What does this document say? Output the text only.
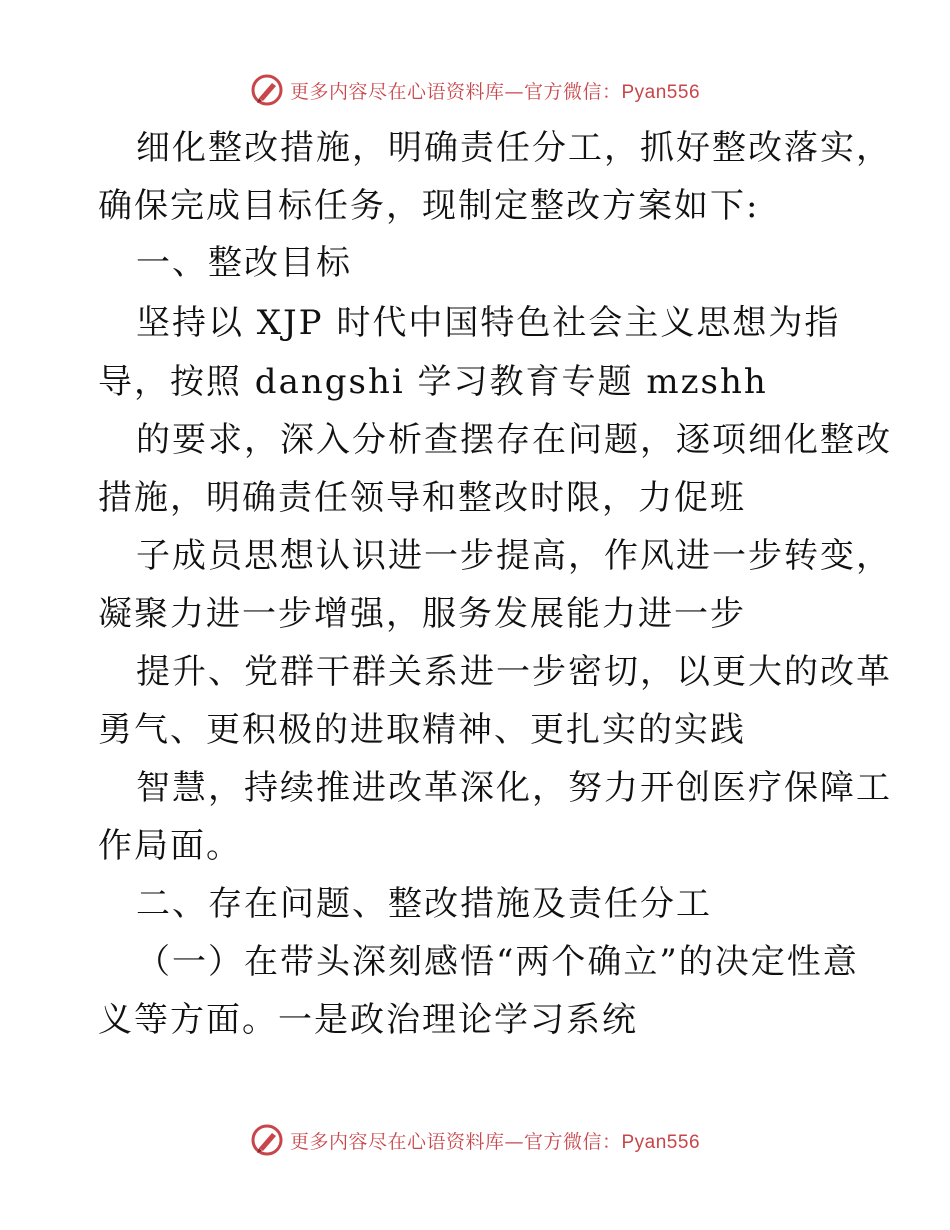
更多内容尽在心语资料库—官方微信：Pyan556
细化整改措施，明确责任分工，抓好整改落实，
确保完成目标任务，现制定整改方案如下:
一、整改目标
坚持以 XJP 时代中国特色社会主义思想为指
导，按照 dangshi 学习教育专题 mzshh
的要求，深入分析查摆存在问题，逐项细化整改
措施，明确责任领导和整改时限，力促班
子成员思想认识进一步提高，作风进一步转变，
凝聚力进一步增强，服务发展能力进一步
提升、党群干群关系进一步密切，以更大的改革
勇气、更积极的进取精神、更扎实的实践
智慧，持续推进改革深化，努力开创医疗保障工
作局面。
二、存在问题、整改措施及责任分工
（一）在带头深刻感悟“两个确立”的决定性意
义等方面。一是政治理论学习系统
更多内容尽在心语资料库—官方微信：Pyan556
